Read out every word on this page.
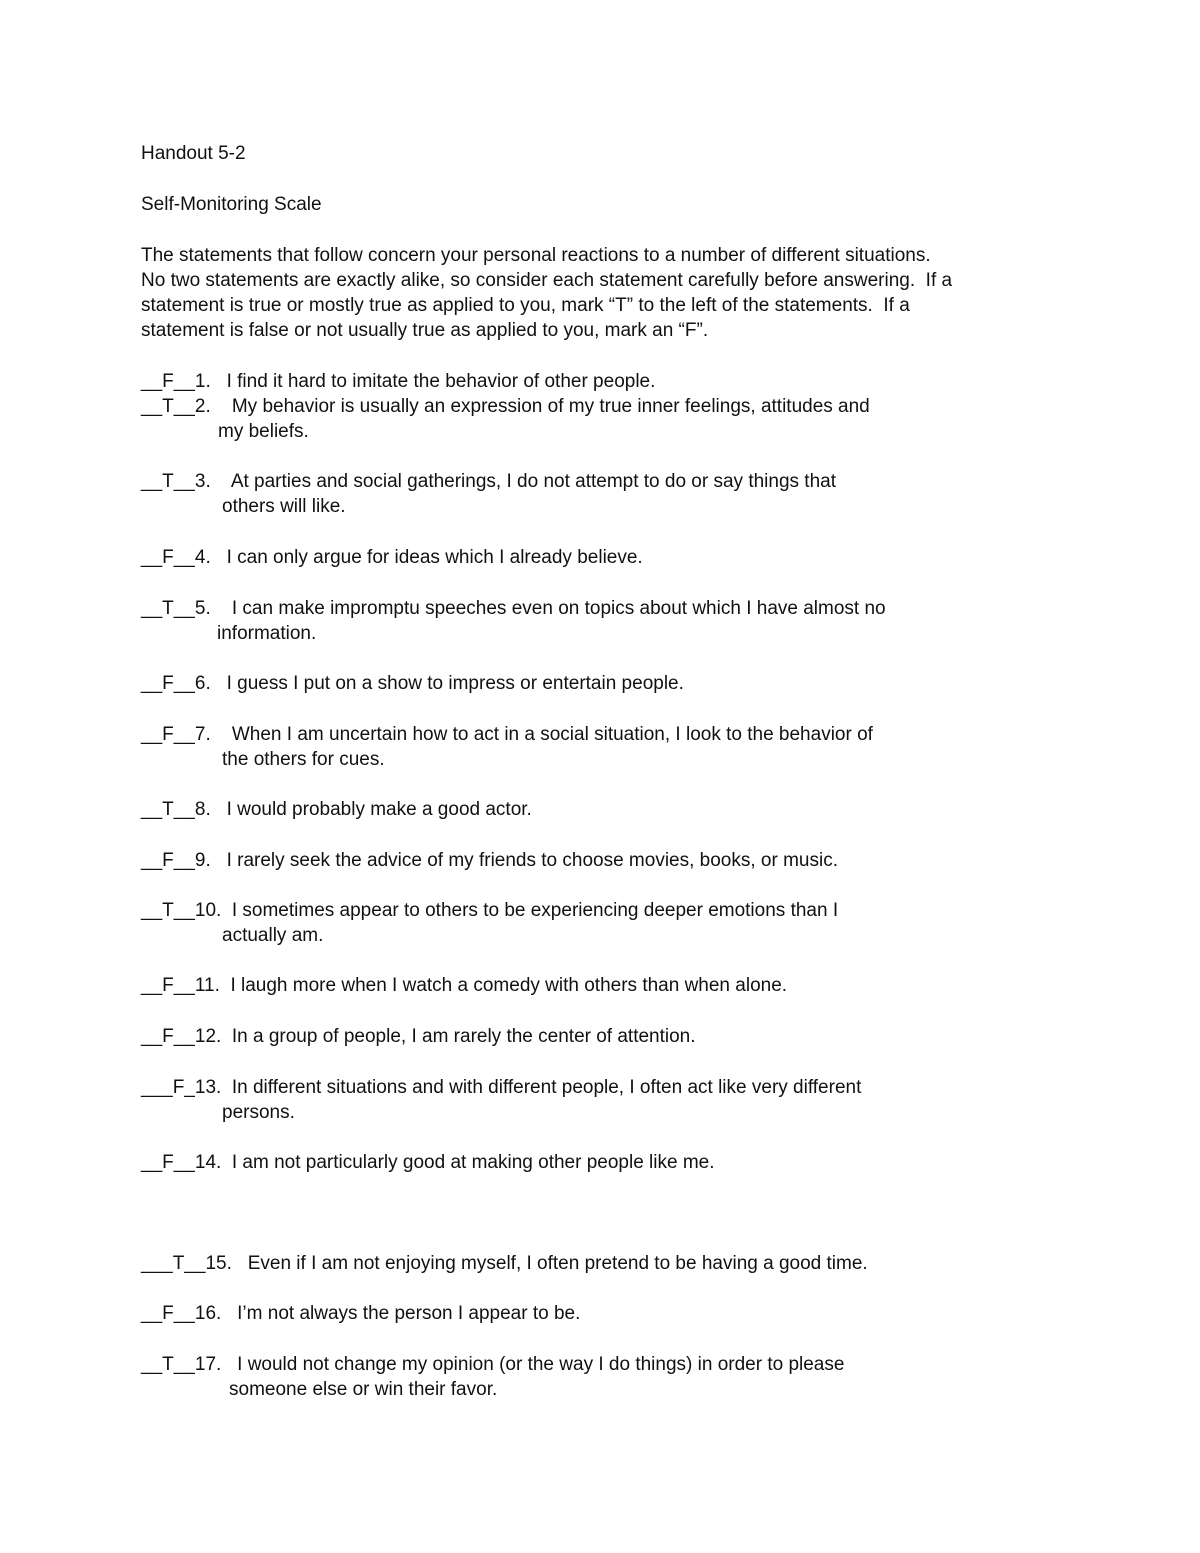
Handout 5-2
Self-Monitoring Scale
The statements that follow concern your personal reactions to a number of different situations.
No two statements are exactly alike, so consider each statement carefully before answering.  If a
statement is true or mostly true as applied to you, mark “T” to the left of the statements.  If a
statement is false or not usually true as applied to you, mark an “F”.
__F__1. I find it hard to imitate the behavior of other people.
__T__2. My behavior is usually an expression of my true inner feelings, attitudes and
my beliefs.
__T__3. At parties and social gatherings, I do not attempt to do or say things that
others will like.
__F__4. I can only argue for ideas which I already believe.
__T__5. I can make impromptu speeches even on topics about which I have almost no
information.
__F__6. I guess I put on a show to impress or entertain people.
__F__7. When I am uncertain how to act in a social situation, I look to the behavior of
the others for cues.
__T__8. I would probably make a good actor.
__F__9. I rarely seek the advice of my friends to choose movies, books, or music.
__T__10. I sometimes appear to others to be experiencing deeper emotions than I
actually am.
__F__11. I laugh more when I watch a comedy with others than when alone.
__F__12. In a group of people, I am rarely the center of attention.
___F_13. In different situations and with different people, I often act like very different
persons.
__F__14. I am not particularly good at making other people like me.
___T__15. Even if I am not enjoying myself, I often pretend to be having a good time.
__F__16. I’m not always the person I appear to be.
__T__17. I would not change my opinion (or the way I do things) in order to please
someone else or win their favor.
